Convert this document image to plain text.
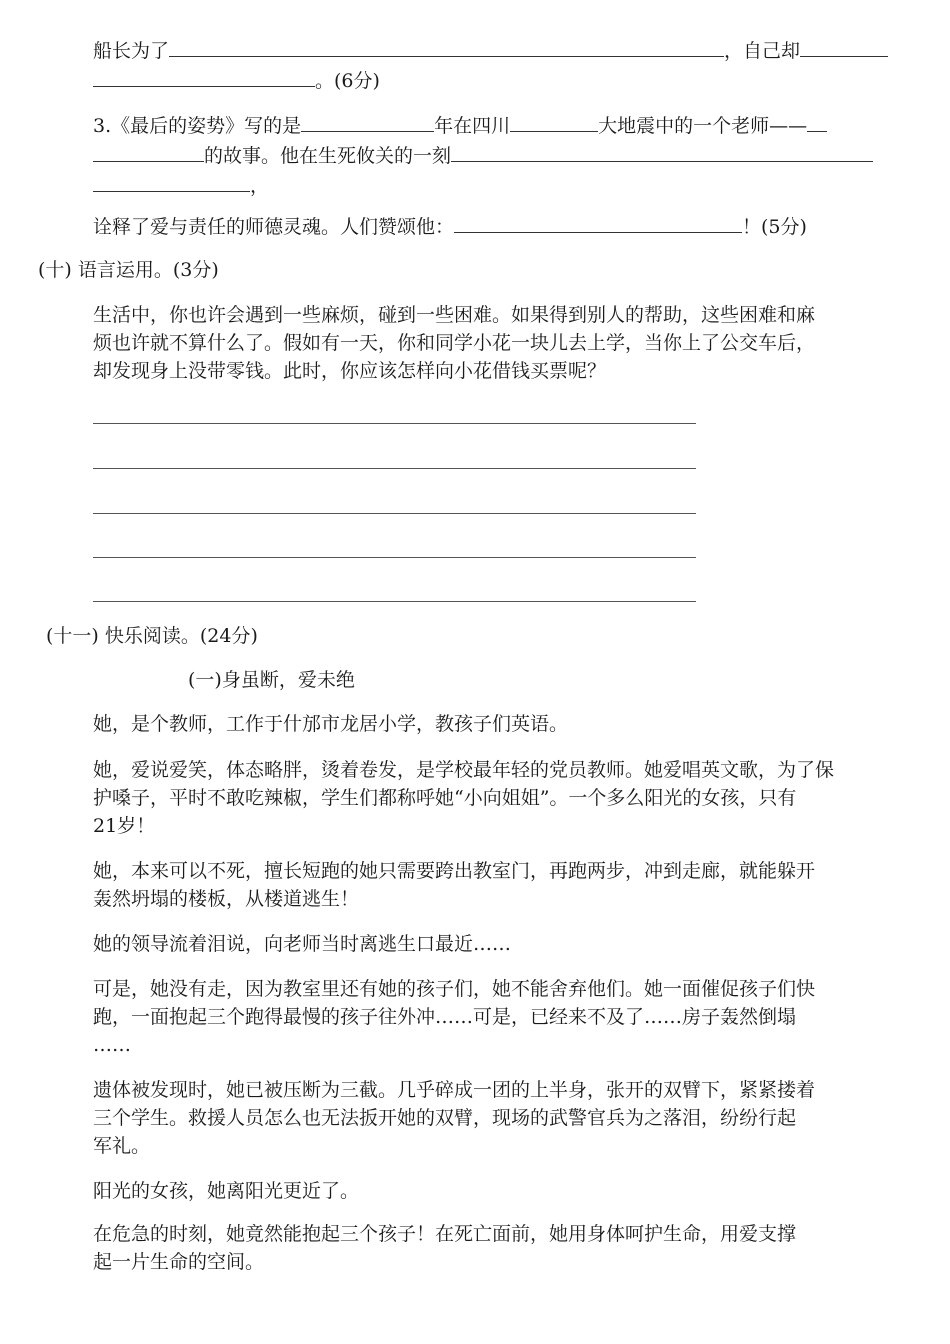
船长为了	，自己却
。(6分)
3.《最后的姿势》写的是	年在四川	大地震中的一个老师——
的故事。他在生死攸关的一刻
，
诠释了爱与责任的师德灵魂。人们赞颂他：	！(5分)
(十) 语言运用。(3分)
生活中，你也许会遇到一些麻烦，碰到一些困难。如果得到别人的帮助，这些困难和麻
烦也许就不算什么了。假如有一天，你和同学小花一块儿去上学，当你上了公交车后，
却发现身上没带零钱。此时，你应该怎样向小花借钱买票呢？
(十一) 快乐阅读。(24分)
(一)身虽断，爱未绝
她，是个教师，工作于什邡市龙居小学，教孩子们英语。
她，爱说爱笑，体态略胖，烫着卷发，是学校最年轻的党员教师。她爱唱英文歌，为了保
护嗓子，平时不敢吃辣椒，学生们都称呼她“小向姐姐”。一个多么阳光的女孩，只有
21岁！
她，本来可以不死，擅长短跑的她只需要跨出教室门，再跑两步，冲到走廊，就能躲开
轰然坍塌的楼板，从楼道逃生！
她的领导流着泪说，向老师当时离逃生口最近……
可是，她没有走，因为教室里还有她的孩子们，她不能舍弃他们。她一面催促孩子们快
跑，一面抱起三个跑得最慢的孩子往外冲……可是，已经来不及了……房子轰然倒塌
……
遗体被发现时，她已被压断为三截。几乎碎成一团的上半身，张开的双臂下，紧紧搂着
三个学生。救援人员怎么也无法扳开她的双臂，现场的武警官兵为之落泪，纷纷行起
军礼。
阳光的女孩，她离阳光更近了。
在危急的时刻，她竟然能抱起三个孩子！在死亡面前，她用身体呵护生命，用爱支撑
起一片生命的空间。
